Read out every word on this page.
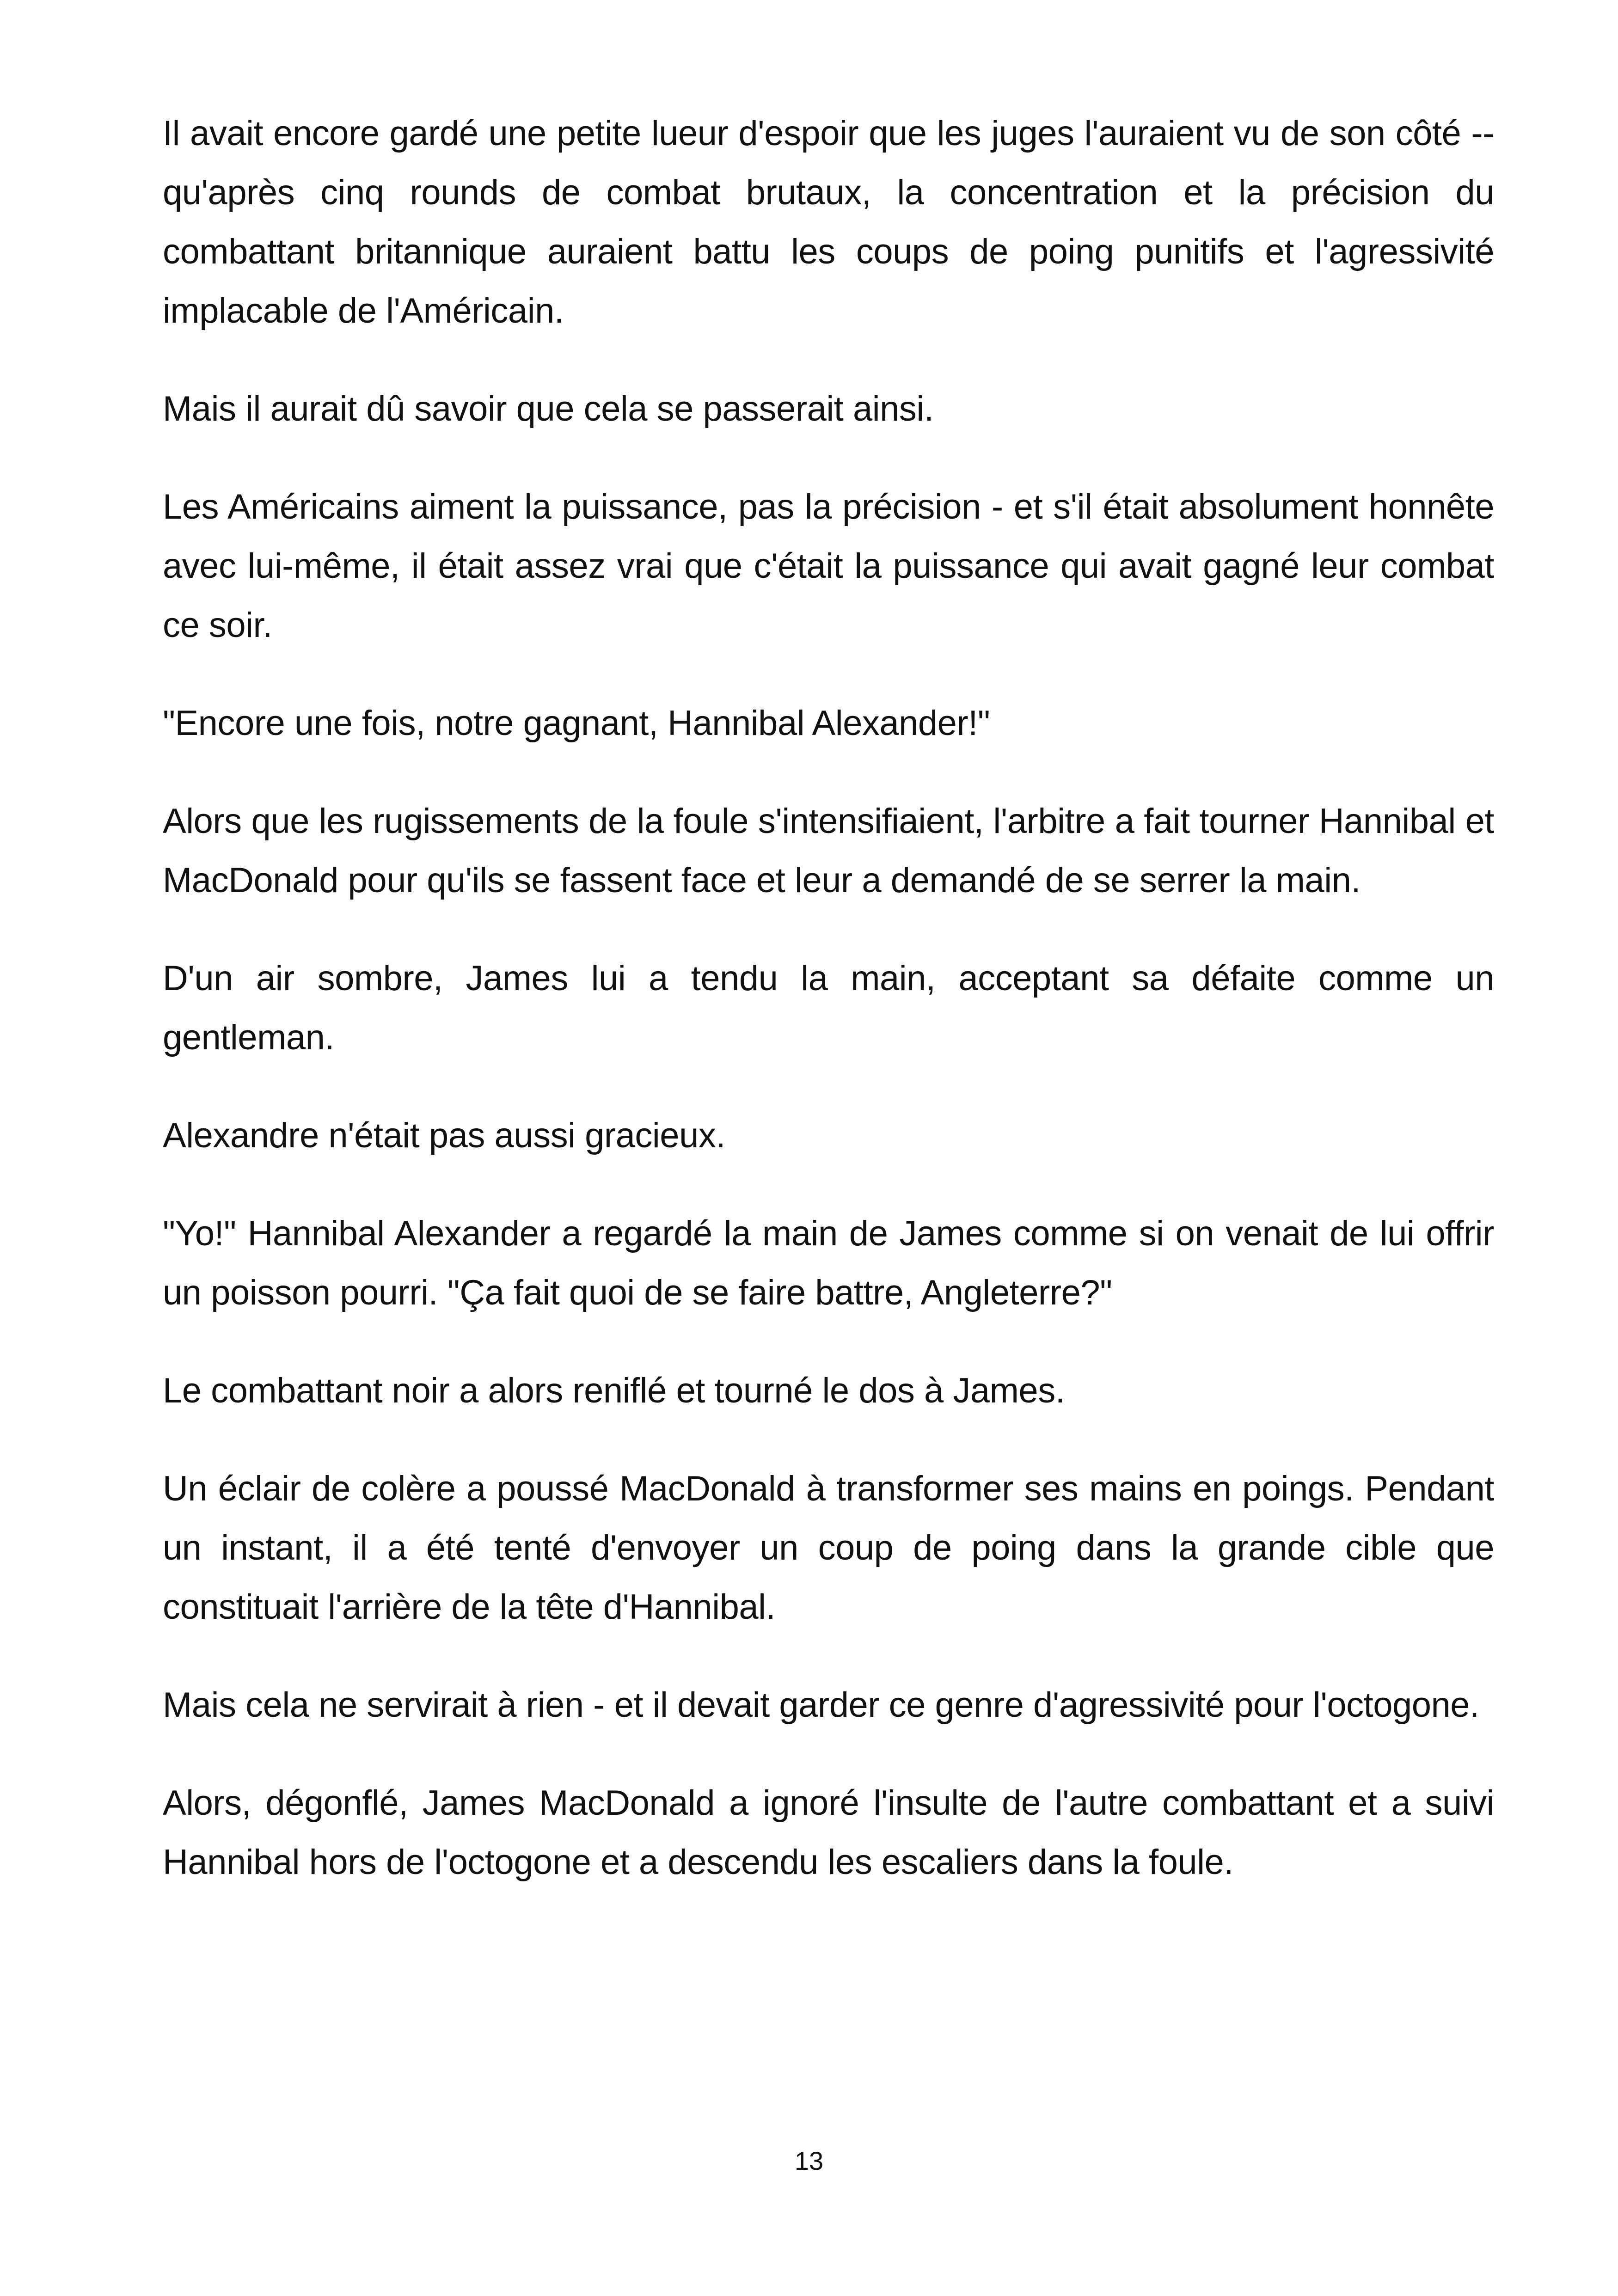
Il avait encore gardé une petite lueur d'espoir que les juges l'auraient vu de son côté -- qu'après cinq rounds de combat brutaux, la concentration et la précision du combattant britannique auraient battu les coups de poing punitifs et l'agressivité implacable de l'Américain.

Mais il aurait dû savoir que cela se passerait ainsi.

Les Américains aiment la puissance, pas la précision - et s'il était absolument honnête avec lui-même, il était assez vrai que c'était la puissance qui avait gagné leur combat ce soir.

"Encore une fois, notre gagnant, Hannibal Alexander!"

Alors que les rugissements de la foule s'intensifiaient, l'arbitre a fait tourner Hannibal et MacDonald pour qu'ils se fassent face et leur a demandé de se serrer la main.

D'un air sombre, James lui a tendu la main, acceptant sa défaite comme un gentleman.

Alexandre n'était pas aussi gracieux.

"Yo!" Hannibal Alexander a regardé la main de James comme si on venait de lui offrir un poisson pourri. "Ça fait quoi de se faire battre, Angleterre?"

Le combattant noir a alors reniflé et tourné le dos à James.

Un éclair de colère a poussé MacDonald à transformer ses mains en poings. Pendant un instant, il a été tenté d'envoyer un coup de poing dans la grande cible que constituait l'arrière de la tête d'Hannibal.

Mais cela ne servirait à rien - et il devait garder ce genre d'agressivité pour l'octogone.

Alors, dégonflé, James MacDonald a ignoré l'insulte de l'autre combattant et a suivi Hannibal hors de l'octogone et a descendu les escaliers dans la foule.

13
